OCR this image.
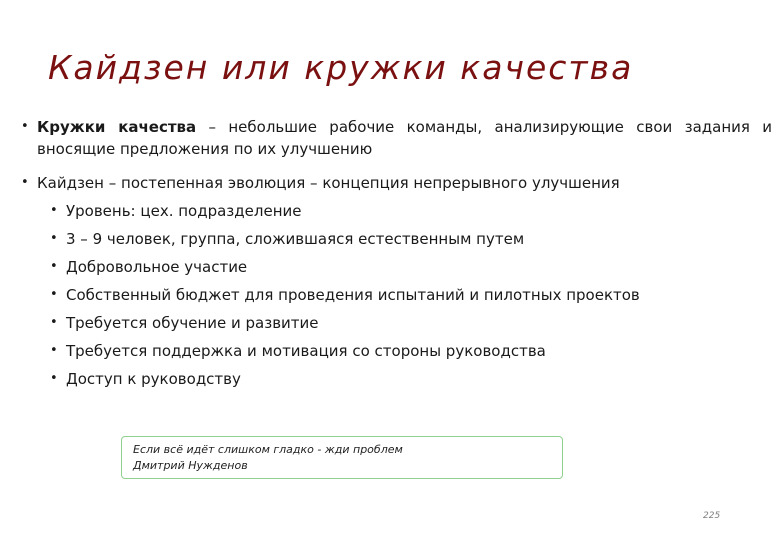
Кайдзен или кружки качества
• Кружки качества – небольшие рабочие команды, анализирующие свои задания и вносящие предложения по их улучшению
• Кайдзен – постепенная эволюция – концепция непрерывного улучшения
• Уровень: цех. подразделение
• 3 – 9 человек, группа, сложившаяся естественным путем
• Добровольное участие
• Собственный бюджет для проведения испытаний и пилотных проектов
• Требуется обучение и развитие
• Требуется поддержка и мотивация со стороны руководства
• Доступ к руководству
Если всё идёт слишком гладко - жди проблем
Дмитрий Нужденов
225
